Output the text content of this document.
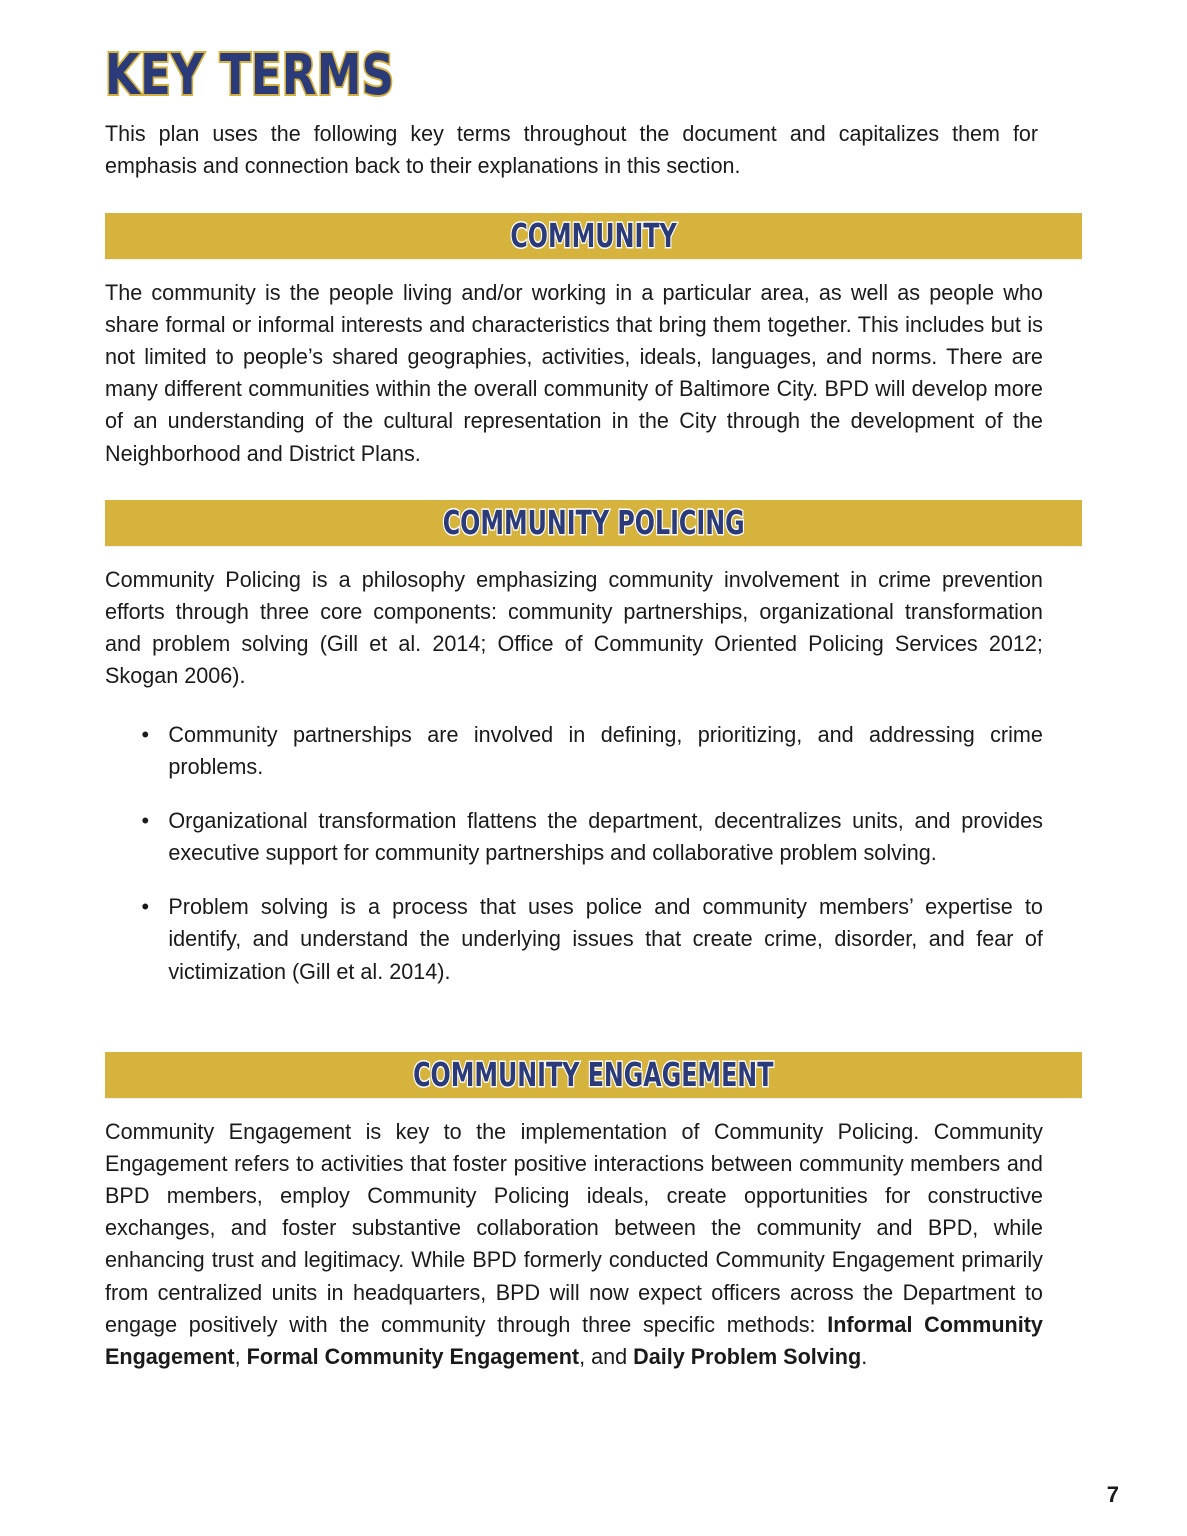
KEY TERMS

This plan uses the following key terms throughout the document and capitalizes them for emphasis and connection back to their explanations in this section.

COMMUNITY

The community is the people living and/or working in a particular area, as well as people who share formal or informal interests and characteristics that bring them together. This includes but is not limited to people’s shared geographies, activities, ideals, languages, and norms. There are many different communities within the overall community of Baltimore City. BPD will develop more of an understanding of the cultural representation in the City through the development of the Neighborhood and District Plans.

COMMUNITY POLICING

Community Policing is a philosophy emphasizing community involvement in crime prevention efforts through three core components: community partnerships, organizational transformation and problem solving (Gill et al. 2014; Office of Community Oriented Policing Services 2012; Skogan 2006).

• Community partnerships are involved in defining, prioritizing, and addressing crime problems.
• Organizational transformation flattens the department, decentralizes units, and provides executive support for community partnerships and collaborative problem solving.
• Problem solving is a process that uses police and community members’ expertise to identify, and understand the underlying issues that create crime, disorder, and fear of victimization (Gill et al. 2014).
COMMUNITY ENGAGEMENT

Community Engagement is key to the implementation of Community Policing. Community Engagement refers to activities that foster positive interactions between community members and BPD members, employ Community Policing ideals, create opportunities for constructive exchanges, and foster substantive collaboration between the community and BPD, while enhancing trust and legitimacy. While BPD formerly conducted Community Engagement primarily from centralized units in headquarters, BPD will now expect officers across the Department to engage positively with the community through three specific methods: Informal Community Engagement, Formal Community Engagement, and Daily Problem Solving.

7
